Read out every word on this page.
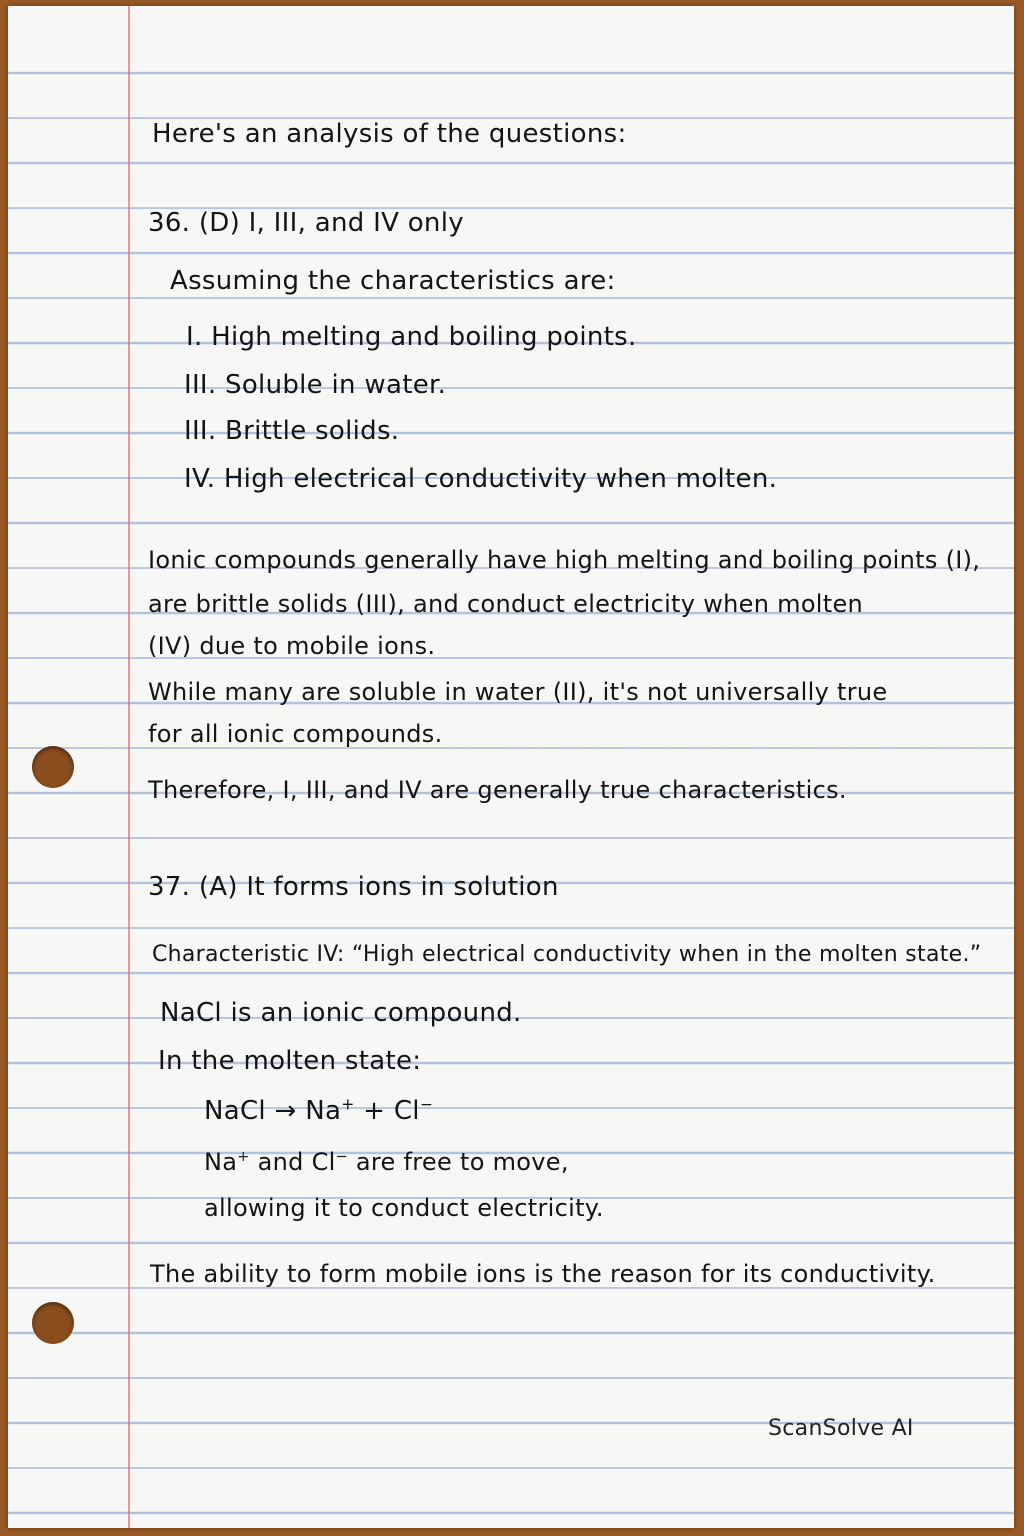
Here's an analysis of the questions:
36. (D) I, III, and IV only
Assuming the characteristics are:
I. High melting and boiling points.
III. Soluble in water.
III. Brittle solids.
IV. High electrical conductivity when molten.
Ionic compounds generally have high melting and boiling points (I),
are brittle solids (III), and conduct electricity when molten
(IV) due to mobile ions.
While many are soluble in water (II), it's not universally true
for all ionic compounds.
Therefore, I, III, and IV are generally true characteristics.
37. (A) It forms ions in solution
Characteristic IV: “High electrical conductivity when in the molten state.”
NaCl is an ionic compound.
In the molten state:
NaCl → Na+ + Cl−
Na+ and Cl− are free to move,
allowing it to conduct electricity.
The ability to form mobile ions is the reason for its conductivity.
ScanSolve AI
